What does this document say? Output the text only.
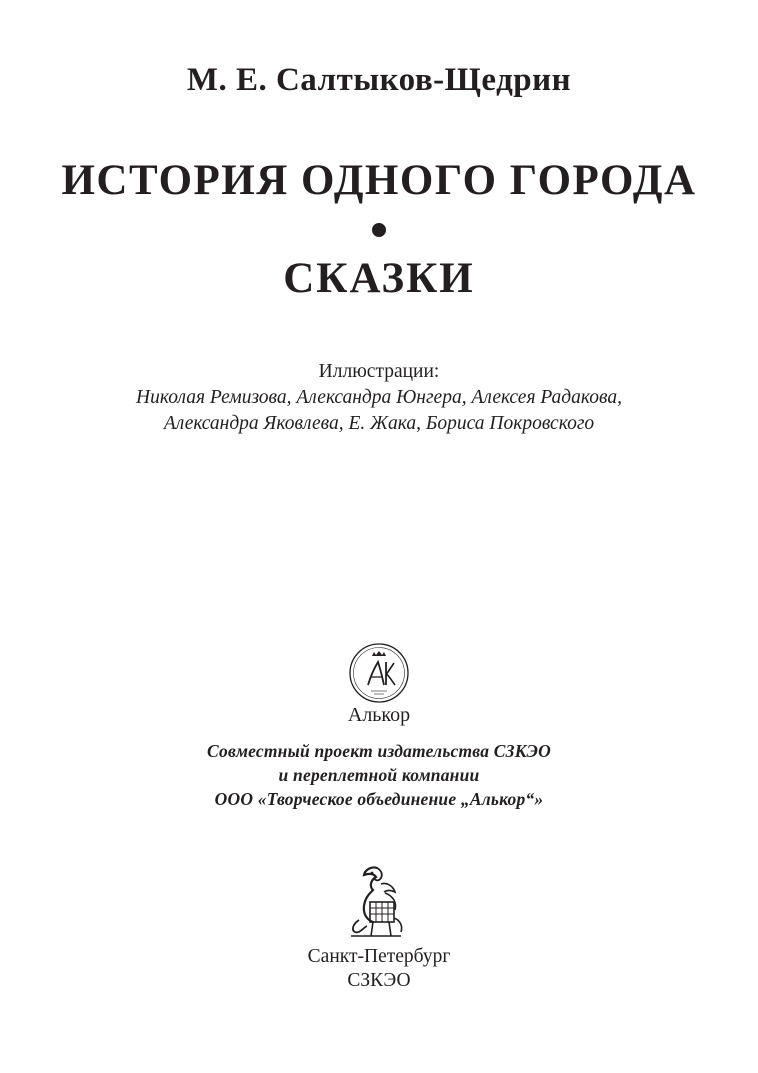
М. Е. Салтыков-Щедрин
ИСТОРИЯ ОДНОГО ГОРОДА
СКАЗКИ
Иллюстрации:
Николая Ремизова, Александра Юнгера, Алексея Радакова,
Александра Яковлева, Е. Жака, Бориса Покровского
Алькор
Совместный проект издательства СЗКЭО
и переплетной компании
ООО «Творческое объединение „Алькор“»
Санкт-Петербург
СЗКЭО
